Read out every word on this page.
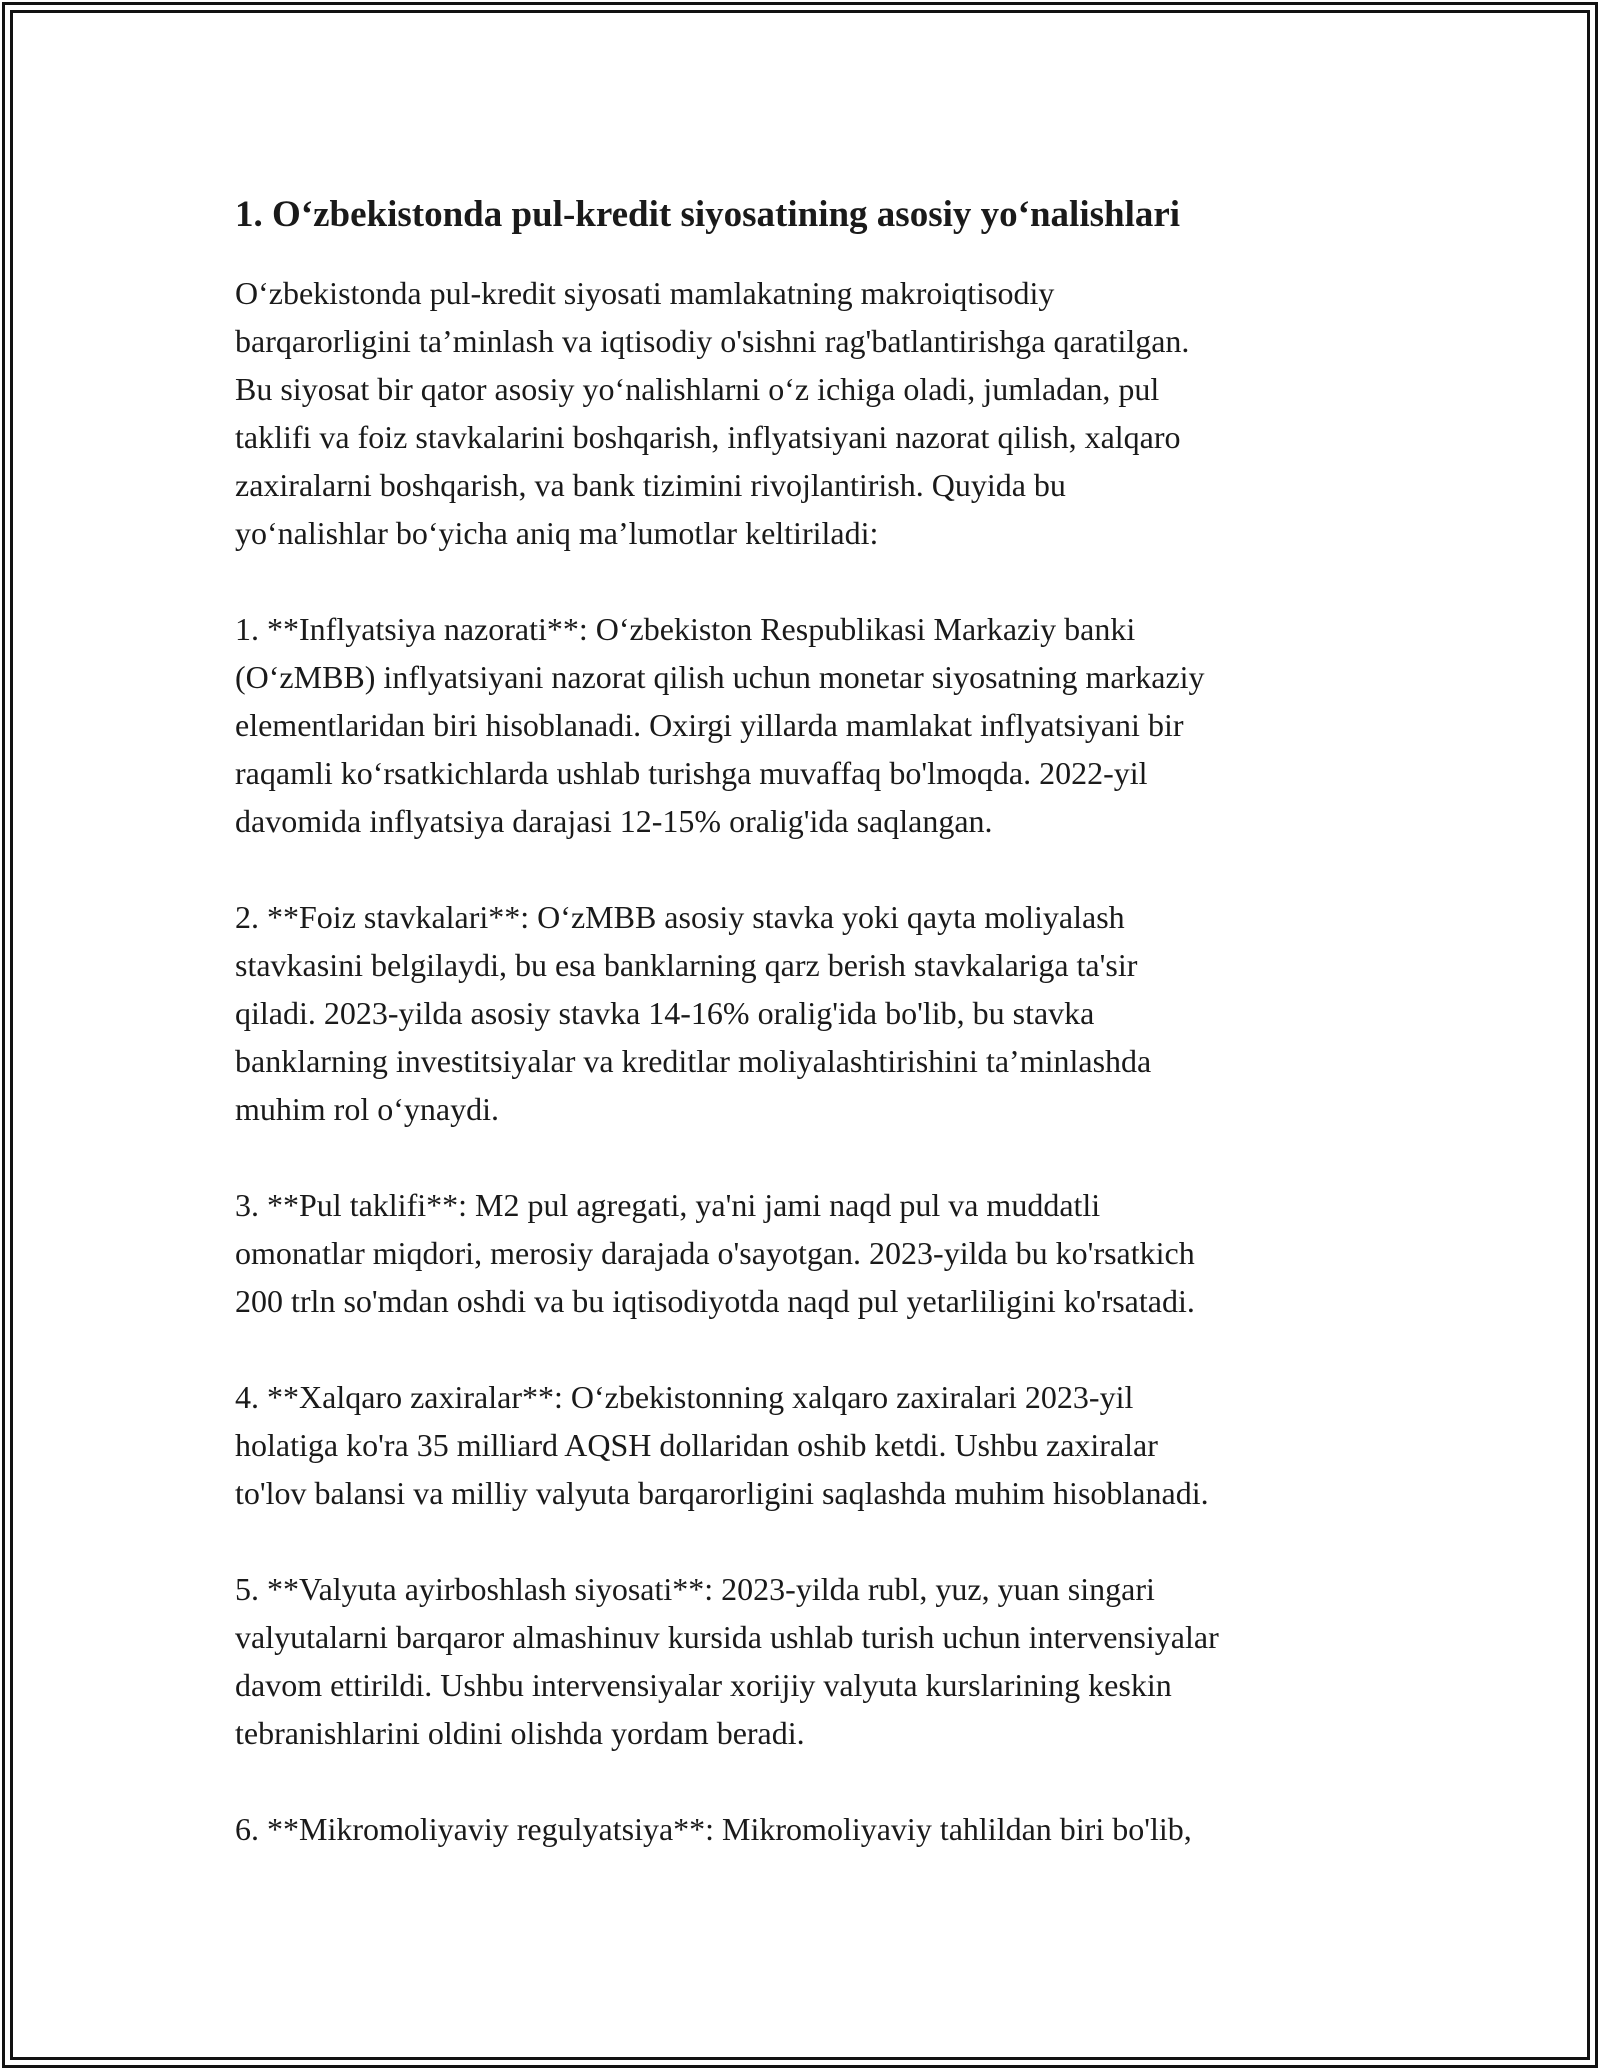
1. O‘zbekistonda pul-kredit siyosatining asosiy yo‘nalishlari

O‘zbekistonda pul-kredit siyosati mamlakatning makroiqtisodiy
barqarorligini ta’minlash va iqtisodiy o'sishni rag'batlantirishga qaratilgan.
Bu siyosat bir qator asosiy yo‘nalishlarni o‘z ichiga oladi, jumladan, pul
taklifi va foiz stavkalarini boshqarish, inflyatsiyani nazorat qilish, xalqaro
zaxiralarni boshqarish, va bank tizimini rivojlantirish. Quyida bu
yo‘nalishlar bo‘yicha aniq ma’lumotlar keltiriladi:

1. **Inflyatsiya nazorati**: O‘zbekiston Respublikasi Markaziy banki
(O‘zMBB) inflyatsiyani nazorat qilish uchun monetar siyosatning markaziy
elementlaridan biri hisoblanadi. Oxirgi yillarda mamlakat inflyatsiyani bir
raqamli ko‘rsatkichlarda ushlab turishga muvaffaq bo'lmoqda. 2022-yil
davomida inflyatsiya darajasi 12-15% oralig'ida saqlangan.

2. **Foiz stavkalari**: O‘zMBB asosiy stavka yoki qayta moliyalash
stavkasini belgilaydi, bu esa banklarning qarz berish stavkalariga ta'sir
qiladi. 2023-yilda asosiy stavka 14-16% oralig'ida bo'lib, bu stavka
banklarning investitsiyalar va kreditlar moliyalashtirishini ta’minlashda
muhim rol o‘ynaydi.

3. **Pul taklifi**: M2 pul agregati, ya'ni jami naqd pul va muddatli
omonatlar miqdori, merosiy darajada o'sayotgan. 2023-yilda bu ko'rsatkich
200 trln so'mdan oshdi va bu iqtisodiyotda naqd pul yetarliligini ko'rsatadi.

4. **Xalqaro zaxiralar**: O‘zbekistonning xalqaro zaxiralari 2023-yil
holatiga ko'ra 35 milliard AQSH dollaridan oshib ketdi. Ushbu zaxiralar
to'lov balansi va milliy valyuta barqarorligini saqlashda muhim hisoblanadi.

5. **Valyuta ayirboshlash siyosati**: 2023-yilda rubl, yuz, yuan singari
valyutalarni barqaror almashinuv kursida ushlab turish uchun intervensiyalar
davom ettirildi. Ushbu intervensiyalar xorijiy valyuta kurslarining keskin
tebranishlarini oldini olishda yordam beradi.

6. **Mikromoliyaviy regulyatsiya**: Mikromoliyaviy tahlildan biri bo'lib,
